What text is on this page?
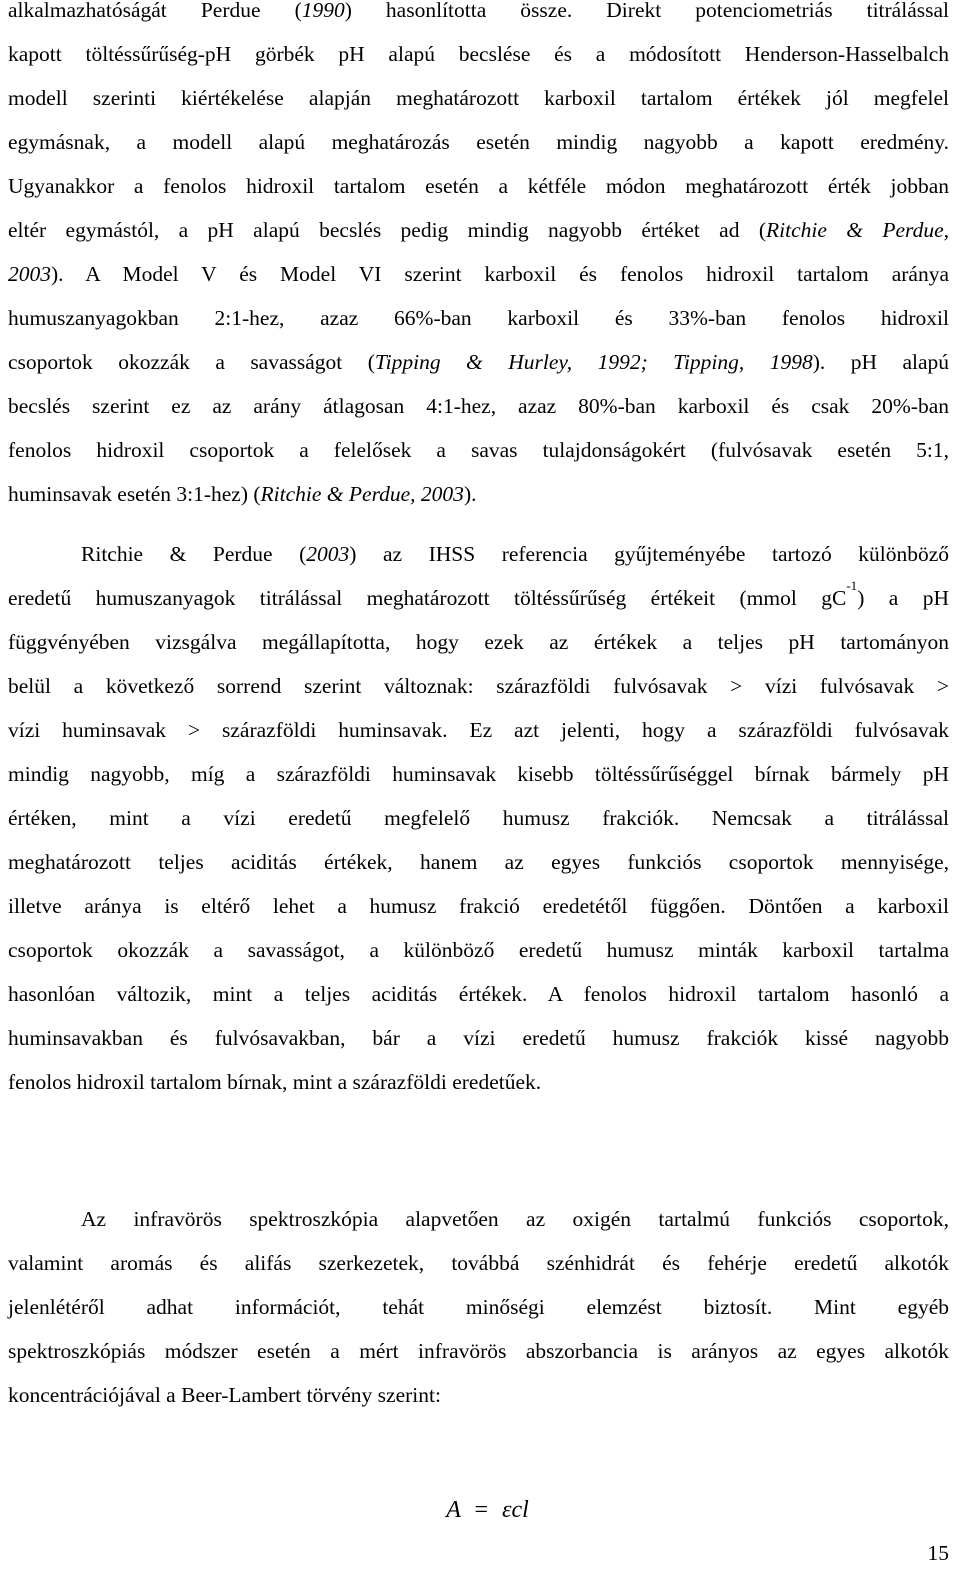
alkalmazhatóságát Perdue (1990) hasonlította össze. Direkt potenciometriás titrálással
kapott töltéssűrűség-pH görbék pH alapú becslése és a módosított Henderson-Hasselbalch
modell szerinti kiértékelése alapján meghatározott karboxil tartalom értékek jól megfelel
egymásnak, a modell alapú meghatározás esetén mindig nagyobb a kapott eredmény.
Ugyanakkor a fenolos hidroxil tartalom esetén a kétféle módon meghatározott érték jobban
eltér egymástól, a pH alapú becslés pedig mindig nagyobb értéket ad (Ritchie & Perdue,
2003). A Model V és Model VI szerint karboxil és fenolos hidroxil tartalom aránya
humuszanyagokban 2:1-hez, azaz 66%-ban karboxil és 33%-ban fenolos hidroxil
csoportok okozzák a savasságot (Tipping & Hurley, 1992; Tipping, 1998). pH alapú
becslés szerint ez az arány átlagosan 4:1-hez, azaz 80%-ban karboxil és csak 20%-ban
fenolos hidroxil csoportok a felelősek a savas tulajdonságokért (fulvósavak esetén 5:1,
huminsavak esetén 3:1-hez) (Ritchie & Perdue, 2003).
Ritchie & Perdue (2003) az IHSS referencia gyűjteményébe tartozó különböző
eredetű humuszanyagok titrálással meghatározott töltéssűrűség értékeit (mmol $gC^{-1}$) a pH
függvényében vizsgálva megállapította, hogy ezek az értékek a teljes pH tartományon
belül a következő sorrend szerint változnak: szárazföldi fulvósavak > vízi fulvósavak >
vízi huminsavak > szárazföldi huminsavak. Ez azt jelenti, hogy a szárazföldi fulvósavak
mindig nagyobb, míg a szárazföldi huminsavak kisebb töltéssűrűséggel bírnak bármely pH
értéken, mint a vízi eredetű megfelelő humusz frakciók. Nemcsak a titrálással
meghatározott teljes aciditás értékek, hanem az egyes funkciós csoportok mennyisége,
illetve aránya is eltérő lehet a humusz frakció eredetétől függően. Döntően a karboxil
csoportok okozzák a savasságot, a különböző eredetű humusz minták karboxil tartalma
hasonlóan változik, mint a teljes aciditás értékek. A fenolos hidroxil tartalom hasonló a
huminsavakban és fulvósavakban, bár a vízi eredetű humusz frakciók kissé nagyobb
fenolos hidroxil tartalom bírnak, mint a szárazföldi eredetűek.
Az infravörös spektroszkópia alapvetően az oxigén tartalmú funkciós csoportok,
valamint aromás és alifás szerkezetek, továbbá szénhidrát és fehérje eredetű alkotók
jelenlétéről adhat információt, tehát minőségi elemzést biztosít. Mint egyéb
spektroszkópiás módszer esetén a mért infravörös abszorbancia is arányos az egyes alkotók
koncentrációjával a Beer-Lambert törvény szerint:
A = εcl
15
